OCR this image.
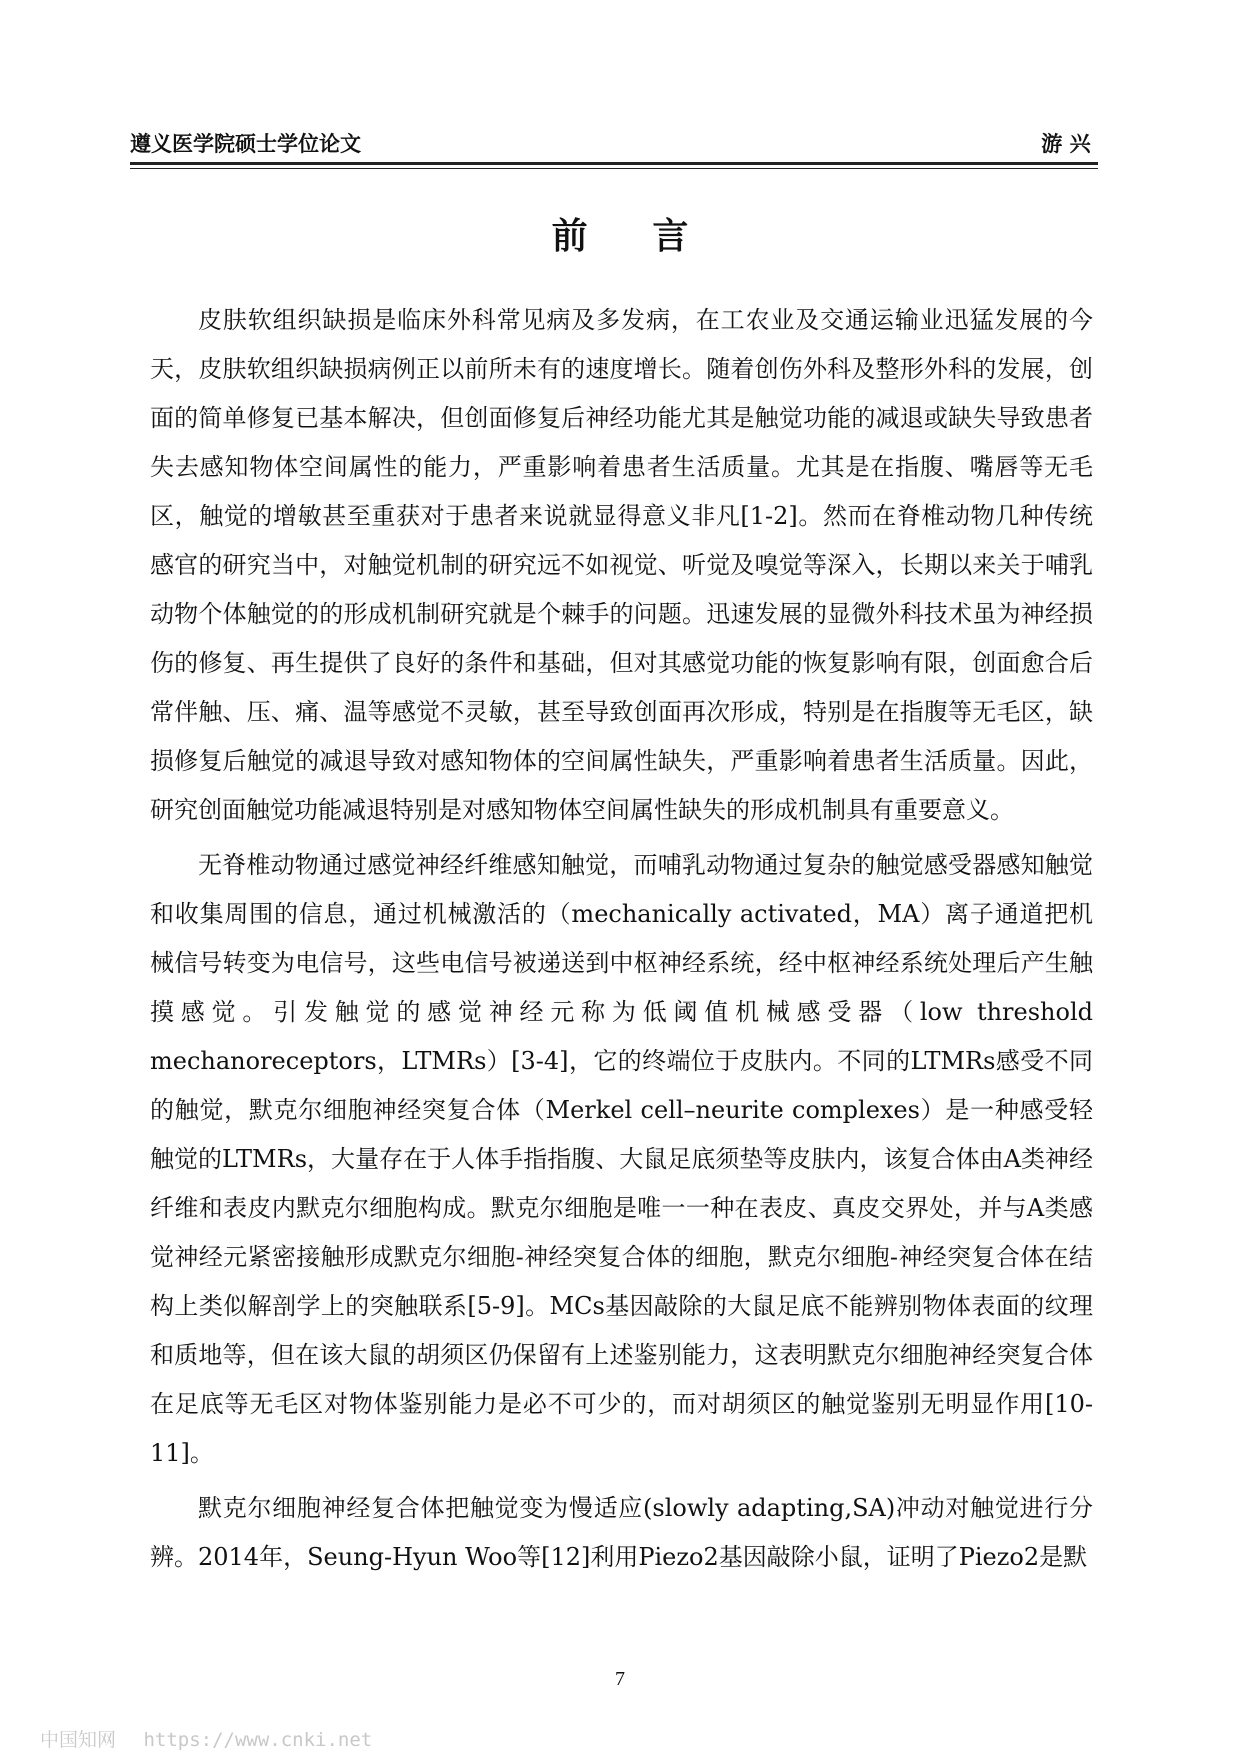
遵义医学院硕士学位论文	游兴
前言

皮肤软组织缺损是临床外科常见病及多发病，在工农业及交通运输业迅猛发展的今天，皮肤软组织缺损病例正以前所未有的速度增长。随着创伤外科及整形外科的发展，创面的简单修复已基本解决，但创面修复后神经功能尤其是触觉功能的减退或缺失导致患者失去感知物体空间属性的能力，严重影响着患者生活质量。尤其是在指腹、嘴唇等无毛区，触觉的增敏甚至重获对于患者来说就显得意义非凡[1-2]。然而在脊椎动物几种传统感官的研究当中，对触觉机制的研究远不如视觉、听觉及嗅觉等深入，长期以来关于哺乳动物个体触觉的的形成机制研究就是个棘手的问题。迅速发展的显微外科技术虽为神经损伤的修复、再生提供了良好的条件和基础，但对其感觉功能的恢复影响有限，创面愈合后常伴触、压、痛、温等感觉不灵敏，甚至导致创面再次形成，特别是在指腹等无毛区，缺损修复后触觉的减退导致对感知物体的空间属性缺失，严重影响着患者生活质量。因此，研究创面触觉功能减退特别是对感知物体空间属性缺失的形成机制具有重要意义。

无脊椎动物通过感觉神经纤维感知触觉，而哺乳动物通过复杂的触觉感受器感知触觉和收集周围的信息，通过机械激活的（mechanically activated，MA）离子通道把机械信号转变为电信号，这些电信号被递送到中枢神经系统，经中枢神经系统处理后产生触摸感觉。引发触觉的感觉神经元称为低阈值机械感受器（low threshold mechanoreceptors，LTMRs）[3-4]，它的终端位于皮肤内。不同的LTMRs感受不同的触觉，默克尔细胞神经突复合体（Merkel cell–neurite complexes）是一种感受轻触觉的LTMRs，大量存在于人体手指指腹、大鼠足底须垫等皮肤内，该复合体由A类神经纤维和表皮内默克尔细胞构成。默克尔细胞是唯一一种在表皮、真皮交界处，并与A类感觉神经元紧密接触形成默克尔细胞-神经突复合体的细胞，默克尔细胞-神经突复合体在结构上类似解剖学上的突触联系[5-9]。MCs基因敲除的大鼠足底不能辨别物体表面的纹理和质地等，但在该大鼠的胡须区仍保留有上述鉴别能力，这表明默克尔细胞神经突复合体在足底等无毛区对物体鉴别能力是必不可少的，而对胡须区的触觉鉴别无明显作用[10-11]。

默克尔细胞神经复合体把触觉变为慢适应(slowly adapting,SA)冲动对触觉进行分辨。2014年，Seung-Hyun Woo等[12]利用Piezo2基因敲除小鼠，证明了Piezo2是默

7
中国知网 https://www.cnki.net
